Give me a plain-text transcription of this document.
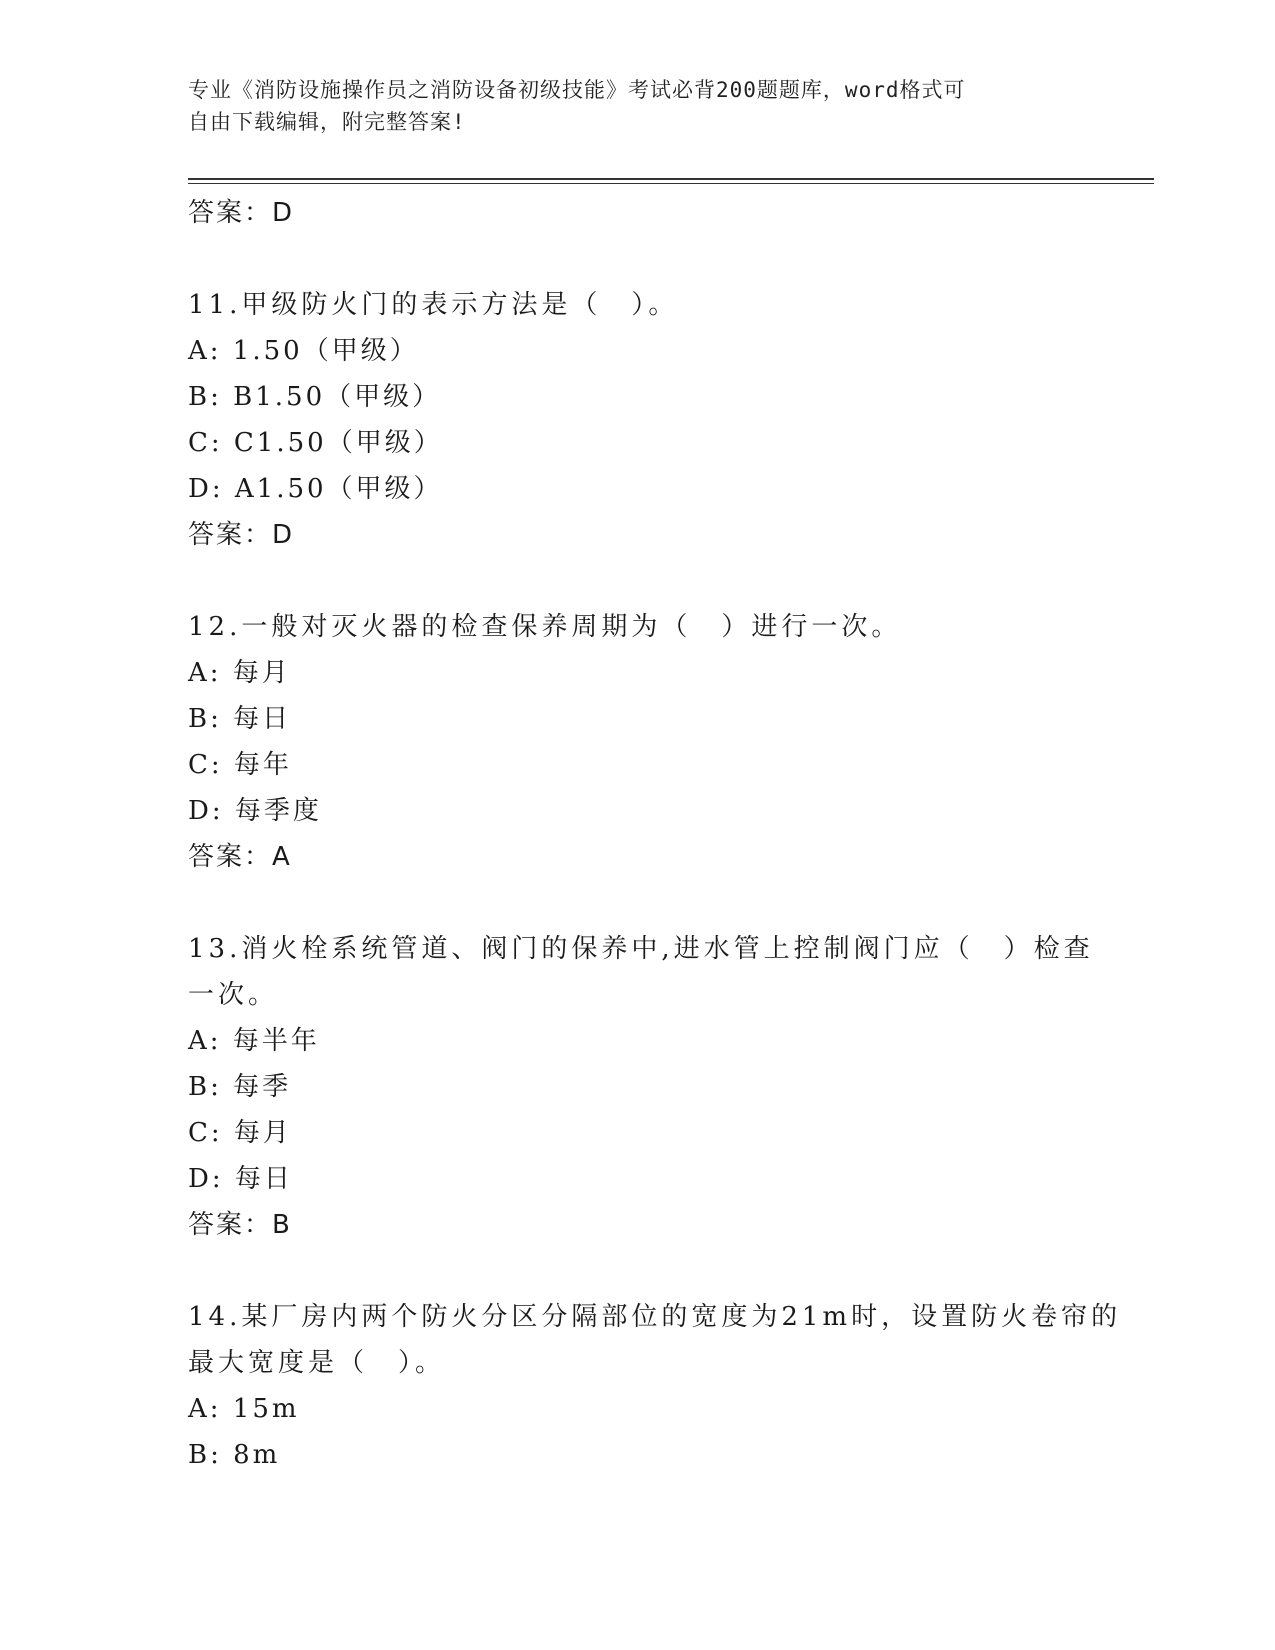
专业《消防设施操作员之消防设备初级技能》考试必背200题题库，word格式可
自由下载编辑，附完整答案!
答案：D
11.甲级防火门的表示方法是（　）。
A: 1.50（甲级）
B: B1.50（甲级）
C: C1.50（甲级）
D: A1.50（甲级）
答案：D
12.一般对灭火器的检查保养周期为（　）进行一次。
A: 每月
B: 每日
C: 每年
D: 每季度
答案：A
13.消火栓系统管道、阀门的保养中,进水管上控制阀门应（　）检查
一次。
A: 每半年
B: 每季
C: 每月
D: 每日
答案：B
14.某厂房内两个防火分区分隔部位的宽度为21m时，设置防火卷帘的
最大宽度是（　）。
A: 15m
B: 8m
